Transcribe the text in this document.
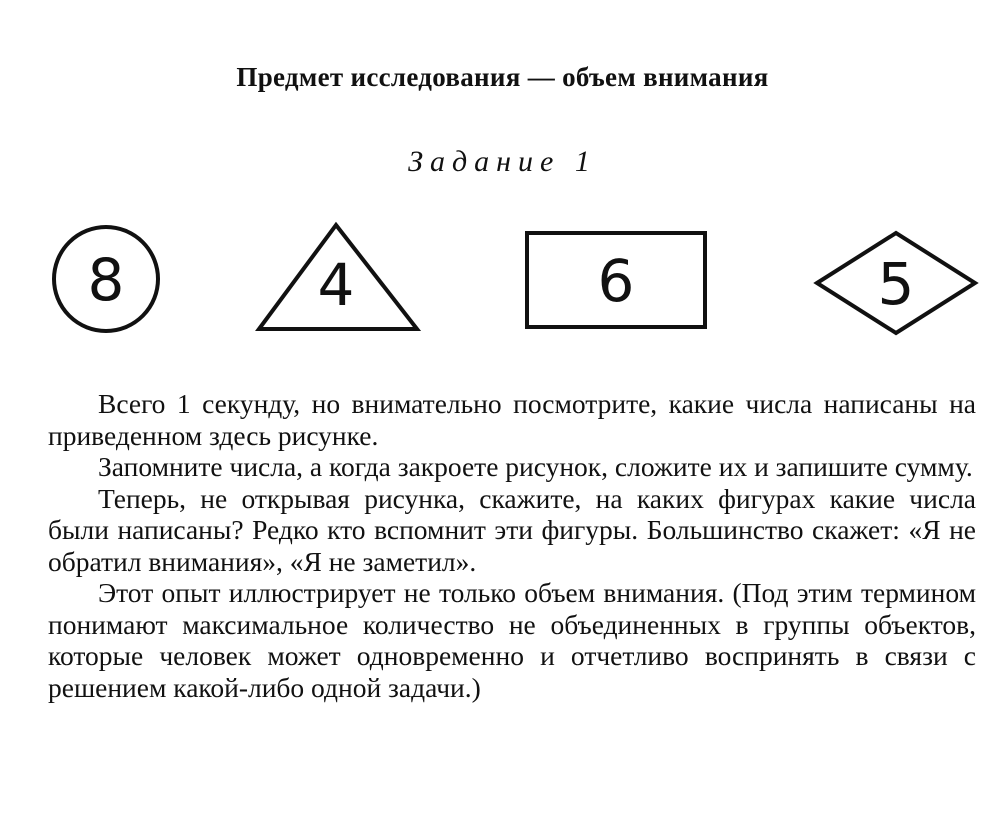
Предмет исследования — объем внимания
Задание 1
8	4	6	5

Всего 1 секунду, но внимательно посмотрите, какие числа написаны на приведенном здесь рисунке.

Запомните числа, а когда закроете рисунок, сложите их и запишите сумму.

Теперь, не открывая рисунка, скажите, на каких фигурах какие числа были написаны? Редко кто вспомнит эти фигуры. Большинство скажет: «Я не обратил внимания», «Я не заметил».

Этот опыт иллюстрирует не только объем внимания. (Под этим термином понимают максимальное количество не объединенных в группы объектов, которые человек может одновременно и отчетливо воспринять в связи с решением какой-либо одной задачи.)
